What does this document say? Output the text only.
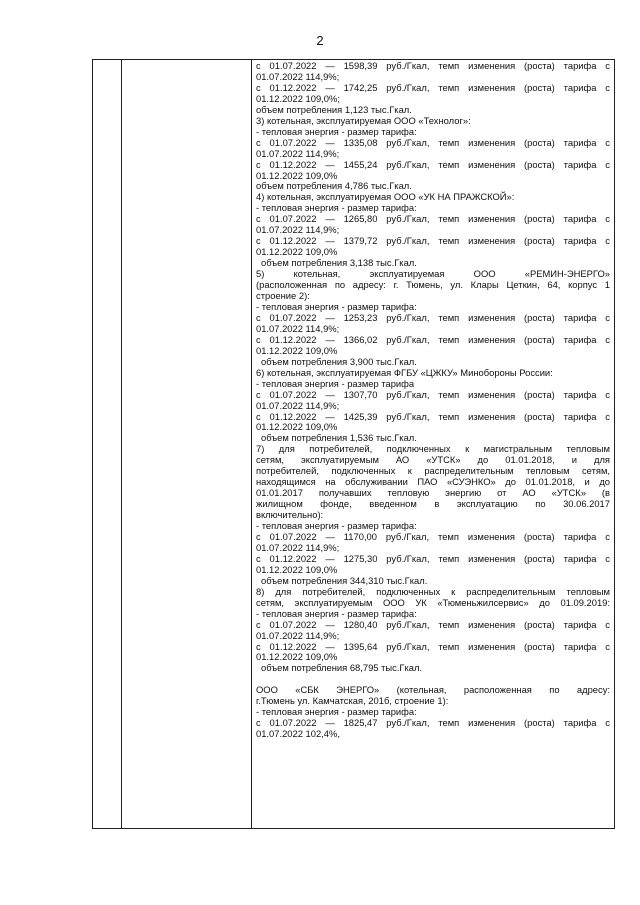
2
с 01.07.2022 — 1598,39 руб./Гкал, темп изменения (роста) тарифа с
01.07.2022 114,9%;
с 01.12.2022 — 1742,25 руб./Гкал, темп изменения (роста) тарифа с
01.12.2022 109,0%;
объем потребления 1,123 тыс.Гкал.
3) котельная, эксплуатируемая ООО «Технолог»:
- тепловая энергия - размер тарифа:
с 01.07.2022 — 1335,08 руб./Гкал, темп изменения (роста) тарифа с
01.07.2022 114,9%;
с 01.12.2022 — 1455,24 руб./Гкал, темп изменения (роста) тарифа с
01.12.2022 109,0%
объем потребления 4,786 тыс.Гкал.
4) котельная, эксплуатируемая ООО «УК НА ПРАЖСКОЙ»:
- тепловая энергия - размер тарифа:
с 01.07.2022 — 1265,80 руб./Гкал, темп изменения (роста) тарифа с
01.07.2022 114,9%;
с 01.12.2022 — 1379,72 руб./Гкал, темп изменения (роста) тарифа с
01.12.2022 109,0%
объем потребления 3,138 тыс.Гкал.
5) котельная, эксплуатируемая ООО «РЕМИН-ЭНЕРГО»
(расположенная по адресу: г. Тюмень, ул. Клары Цеткин, 64, корпус 1
строение 2):
- тепловая энергия - размер тарифа:
с 01.07.2022 — 1253,23 руб./Гкал, темп изменения (роста) тарифа с
01.07.2022 114,9%;
с 01.12.2022 — 1366,02 руб./Гкал, темп изменения (роста) тарифа с
01.12.2022 109,0%
объем потребления 3,900 тыс.Гкал.
6) котельная, эксплуатируемая ФГБУ «ЦЖКУ» Минобороны России:
- тепловая энергия - размер тарифа
с 01.07.2022 — 1307,70 руб./Гкал, темп изменения (роста) тарифа с
01.07.2022 114,9%;
с 01.12.2022 — 1425,39 руб./Гкал, темп изменения (роста) тарифа с
01.12.2022 109,0%
объем потребления 1,536 тыс.Гкал.
7) для потребителей, подключенных к магистральным тепловым
сетям, эксплуатируемым АО «УТСК» до 01.01.2018, и для
потребителей, подключенных к распределительным тепловым сетям,
находящимся на обслуживании ПАО «СУЭНКО» до 01.01.2018, и до
01.01.2017 получавших тепловую энергию от АО «УТСК» (в
жилищном фонде, введенном в эксплуатацию по 30.06.2017
включительно):
- тепловая энергия - размер тарифа:
с 01.07.2022 — 1170,00 руб./Гкал, темп изменения (роста) тарифа с
01.07.2022 114,9%;
с 01.12.2022 — 1275,30 руб./Гкал, темп изменения (роста) тарифа с
01.12.2022 109,0%
объем потребления 344,310 тыс.Гкал.
8) для потребителей, подключенных к распределительным тепловым
сетям, эксплуатируемым ООО УК «Тюменьжилсервис» до 01.09.2019:
- тепловая энергия - размер тарифа:
с 01.07.2022 — 1280,40 руб./Гкал, темп изменения (роста) тарифа с
01.07.2022 114,9%;
с 01.12.2022 — 1395,64 руб./Гкал, темп изменения (роста) тарифа с
01.12.2022 109,0%
объем потребления 68,795 тыс.Гкал.
ООО «СБК ЭНЕРГО» (котельная, расположенная по адресу:
г.Тюмень ул. Камчатская, 201б, строение 1):
- тепловая энергия - размер тарифа:
с 01.07.2022 — 1825,47 руб./Гкал, темп изменения (роста) тарифа с
01.07.2022 102,4%,
